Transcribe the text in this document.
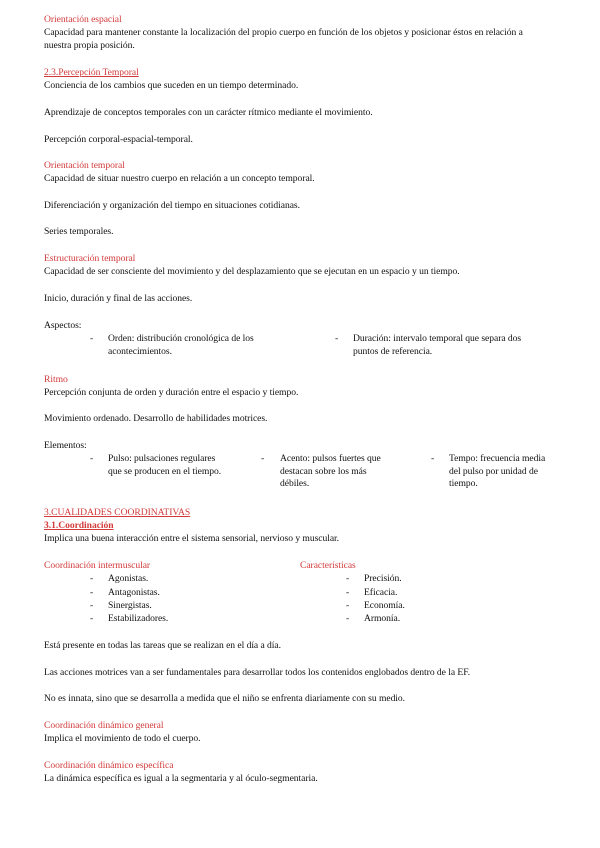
Orientación espacial
Capacidad para mantener constante la localización del propio cuerpo en función de los objetos y posicionar éstos en relación a nuestra propia posición.
2.3.Percepción Temporal
Conciencia de los cambios que suceden en un tiempo determinado.
Aprendizaje de conceptos temporales con un carácter rítmico mediante el movimiento.
Percepción corporal-espacial-temporal.
Orientación temporal
Capacidad de situar nuestro cuerpo en relación a un concepto temporal.
Diferenciación y organización del tiempo en situaciones cotidianas.
Series temporales.
Estructuración temporal
Capacidad de ser consciente del movimiento y del desplazamiento que se ejecutan en un espacio y un tiempo.
Inicio, duración y final de las acciones.
Aspectos:
- Orden: distribución cronológica de los acontecimientos.
- Duración: intervalo temporal que separa dos puntos de referencia.
Ritmo
Percepción conjunta de orden y duración entre el espacio y tiempo.
Movimiento ordenado. Desarrollo de habilidades motrices.
Elementos:
- Pulso: pulsaciones regulares que se producen en el tiempo.
- Acento: pulsos fuertes que destacan sobre los más débiles.
- Tempo: frecuencia media del pulso por unidad de tiempo.
3.CUALIDADES COORDINATIVAS
3.1.Coordinación
Implica una buena interacción entre el sistema sensorial, nervioso y muscular.
Coordinación intermuscular	Características
- Agonistas.
- Antagonistas.
- Sinergistas.
- Estabilizadores.
- Precisión.
- Eficacia.
- Economía.
- Armonía.
Está presente en todas las tareas que se realizan en el día a día.
Las acciones motrices van a ser fundamentales para desarrollar todos los contenidos englobados dentro de la EF.
No es innata, sino que se desarrolla a medida que el niño se enfrenta diariamente con su medio.
Coordinación dinámico general
Implica el movimiento de todo el cuerpo.
Coordinación dinámico específica
La dinámica específica es igual a la segmentaria y al óculo-segmentaria.
